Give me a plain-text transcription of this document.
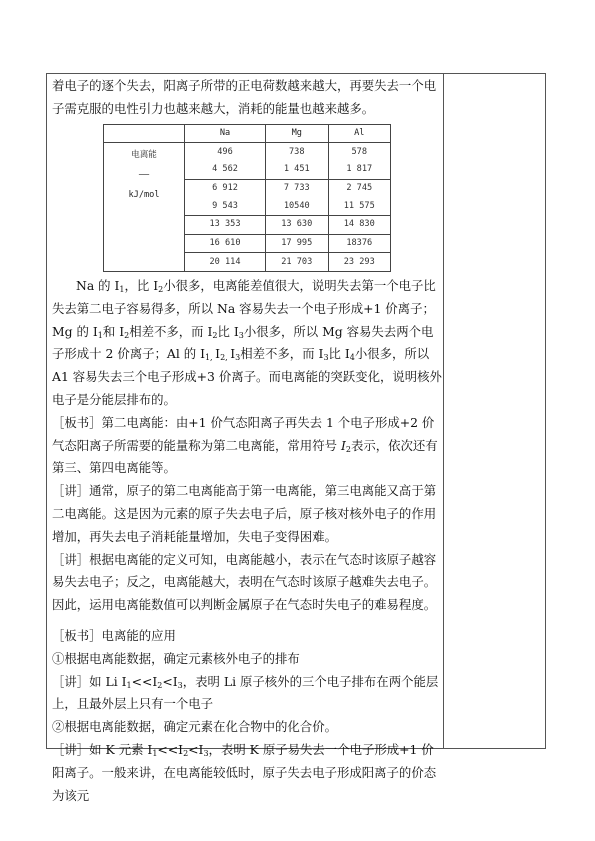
着电子的逐个失去，阳离子所带的正电荷数越来越大，再要失去一个电子需克服的电性引力也越来越大，消耗的能量也越来越多。

	Na	Mg	Al

电离能
——
kJ/mol	496	738	578
	4 562	1 451	1 817
	6 912	7 733	2 745
	9 543	10540	11 575
	13 353	13 630	14 830
	16 610	17 995	18376
	20 114	21 703	23 293

Na 的 $I_1$，比 $I_2$小很多，电离能差值很大，说明失去第一个电子比失去第二电子容易得多，所以 Na 容易失去一个电子形成+1 价离子；Mg 的 $I_1$和 $I_2$相差不多，而 $I_2$比 $I_3$小很多，所以 Mg 容易失去两个电子形成十 2 价离子；Al 的 $I_{1,}$ $I_{2,}$ $I_3$相差不多，而 $I_3$比 $I_4$小很多，所以 A1 容易失去三个电子形成+3 价离子。而电离能的突跃变化，说明核外电子是分能层排布的。

［板书］第二电离能：由+1 价气态阳离子再失去 1 个电子形成+2 价气态阳离子所需要的能量称为第二电离能，常用符号 $I_2$表示，依次还有第三、第四电离能等。

［讲］通常，原子的第二电离能高于第一电离能，第三电离能又高于第二电离能。这是因为元素的原子失去电子后，原子核对核外电子的作用增加，再失去电子消耗能量增加，失电子变得困难。

［讲］根据电离能的定义可知，电离能越小，表示在气态时该原子越容易失去电子；反之，电离能越大，表明在气态时该原子越难失去电子。因此，运用电离能数值可以判断金属原子在气态时失电子的难易程度。

［板书］电离能的应用

①根据电离能数据，确定元素核外电子的排布

［讲］如 Li $I_1<<I_2<I_3$，表明 Li 原子核外的三个电子排布在两个能层上，且最外层上只有一个电子

②根据电离能数据，确定元素在化合物中的化合价。

［讲］如 K 元素 $I_1<<I_2<I_3$，表明 K 原子易失去一个电子形成+1 价阳离子。一般来讲，在电离能较低时，原子失去电子形成阳离子的价态为该元
